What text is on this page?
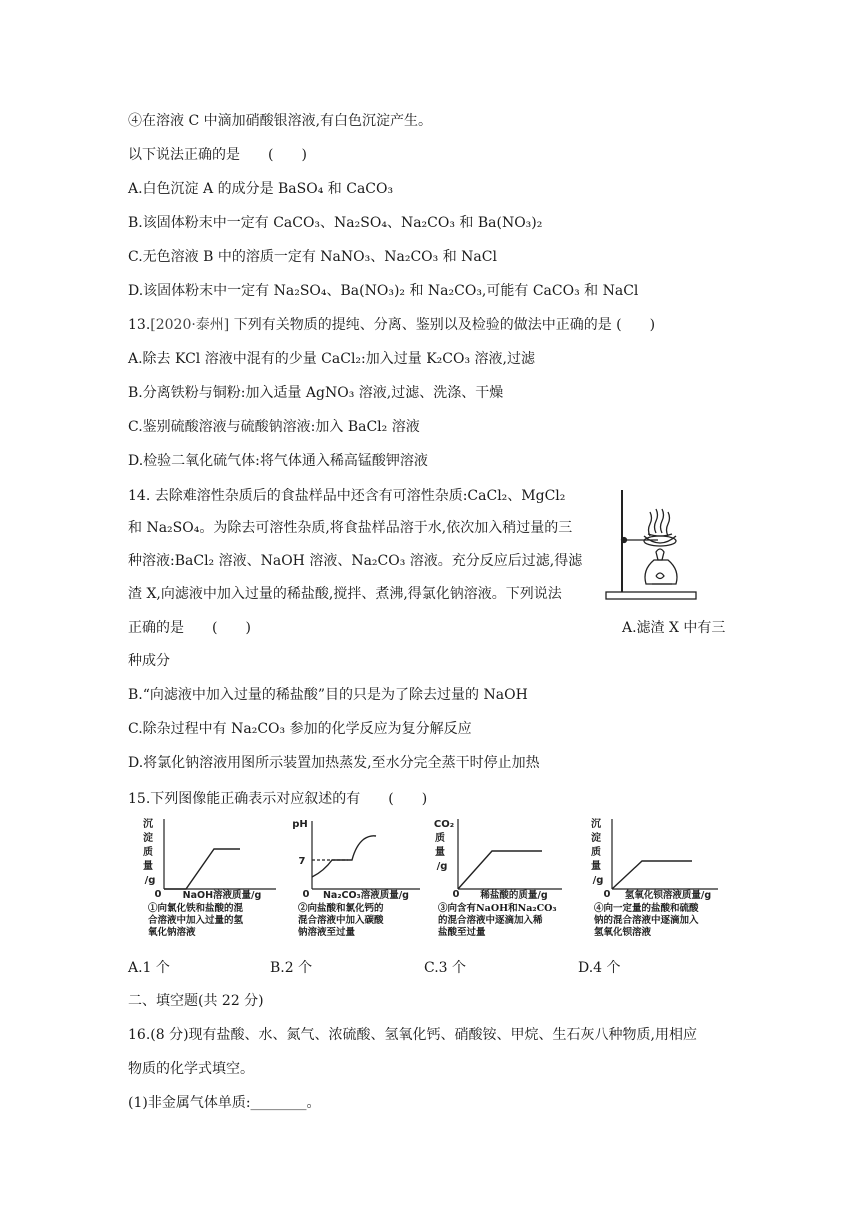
④在溶液 C 中滴加硝酸银溶液,有白色沉淀产生。
以下说法正确的是　　(　　)
A.白色沉淀 A 的成分是 BaSO₄ 和 CaCO₃
B.该固体粉末中一定有 CaCO₃、Na₂SO₄、Na₂CO₃ 和 Ba(NO₃)₂
C.无色溶液 B 中的溶质一定有 NaNO₃、Na₂CO₃ 和 NaCl
D.该固体粉末中一定有 Na₂SO₄、Ba(NO₃)₂ 和 Na₂CO₃,可能有 CaCO₃ 和 NaCl
13.[2020·泰州] 下列有关物质的提纯、分离、鉴别以及检验的做法中正确的是 (　　)
A.除去 KCl 溶液中混有的少量 CaCl₂:加入过量 K₂CO₃ 溶液,过滤
B.分离铁粉与铜粉:加入适量 AgNO₃ 溶液,过滤、洗涤、干燥
C.鉴别硫酸溶液与硫酸钠溶液:加入 BaCl₂ 溶液
D.检验二氧化硫气体:将气体通入稀高锰酸钾溶液
14. 去除难溶性杂质后的食盐样品中还含有可溶性杂质:CaCl₂、MgCl₂
和 Na₂SO₄。为除去可溶性杂质,将食盐样品溶于水,依次加入稍过量的三
种溶液:BaCl₂ 溶液、NaOH 溶液、Na₂CO₃ 溶液。充分反应后过滤,得滤
渣 X,向滤液中加入过量的稀盐酸,搅拌、煮沸,得氯化钠溶液。下列说法
正确的是　　(　　)	A.滤渣 X 中有三
种成分
B.“向滤液中加入过量的稀盐酸”目的只是为了除去过量的 NaOH
C.除杂过程中有 Na₂CO₃ 参加的化学反应为复分解反应
D.将氯化钠溶液用图所示装置加热蒸发,至水分完全蒸干时停止加热
15.下列图像能正确表示对应叙述的有　　(　　)
沉
淀
质
量
/g
0 NaOH溶液质量/g
①向氯化铁和盐酸的混
合溶液中加入过量的氢
氧化钠溶液
pH
7
0 Na₂CO₃溶液质量/g
②向盐酸和氯化钙的
混合溶液中加入碳酸
钠溶液至过量
CO₂
质
量
/g
0 稀盐酸的质量/g
③向含有NaOH和Na₂CO₃
的混合溶液中逐滴加入稀
盐酸至过量
沉
淀
质
量
/g
0 氢氧化钡溶液质量/g
④向一定量的盐酸和硫酸
钠的混合溶液中逐滴加入
氢氧化钡溶液
A.1 个	B.2 个	C.3 个	D.4 个
二、填空题(共 22 分)
16.(8 分)现有盐酸、水、氮气、浓硫酸、氢氧化钙、硝酸铵、甲烷、生石灰八种物质,用相应
物质的化学式填空。
(1)非金属气体单质:________。
